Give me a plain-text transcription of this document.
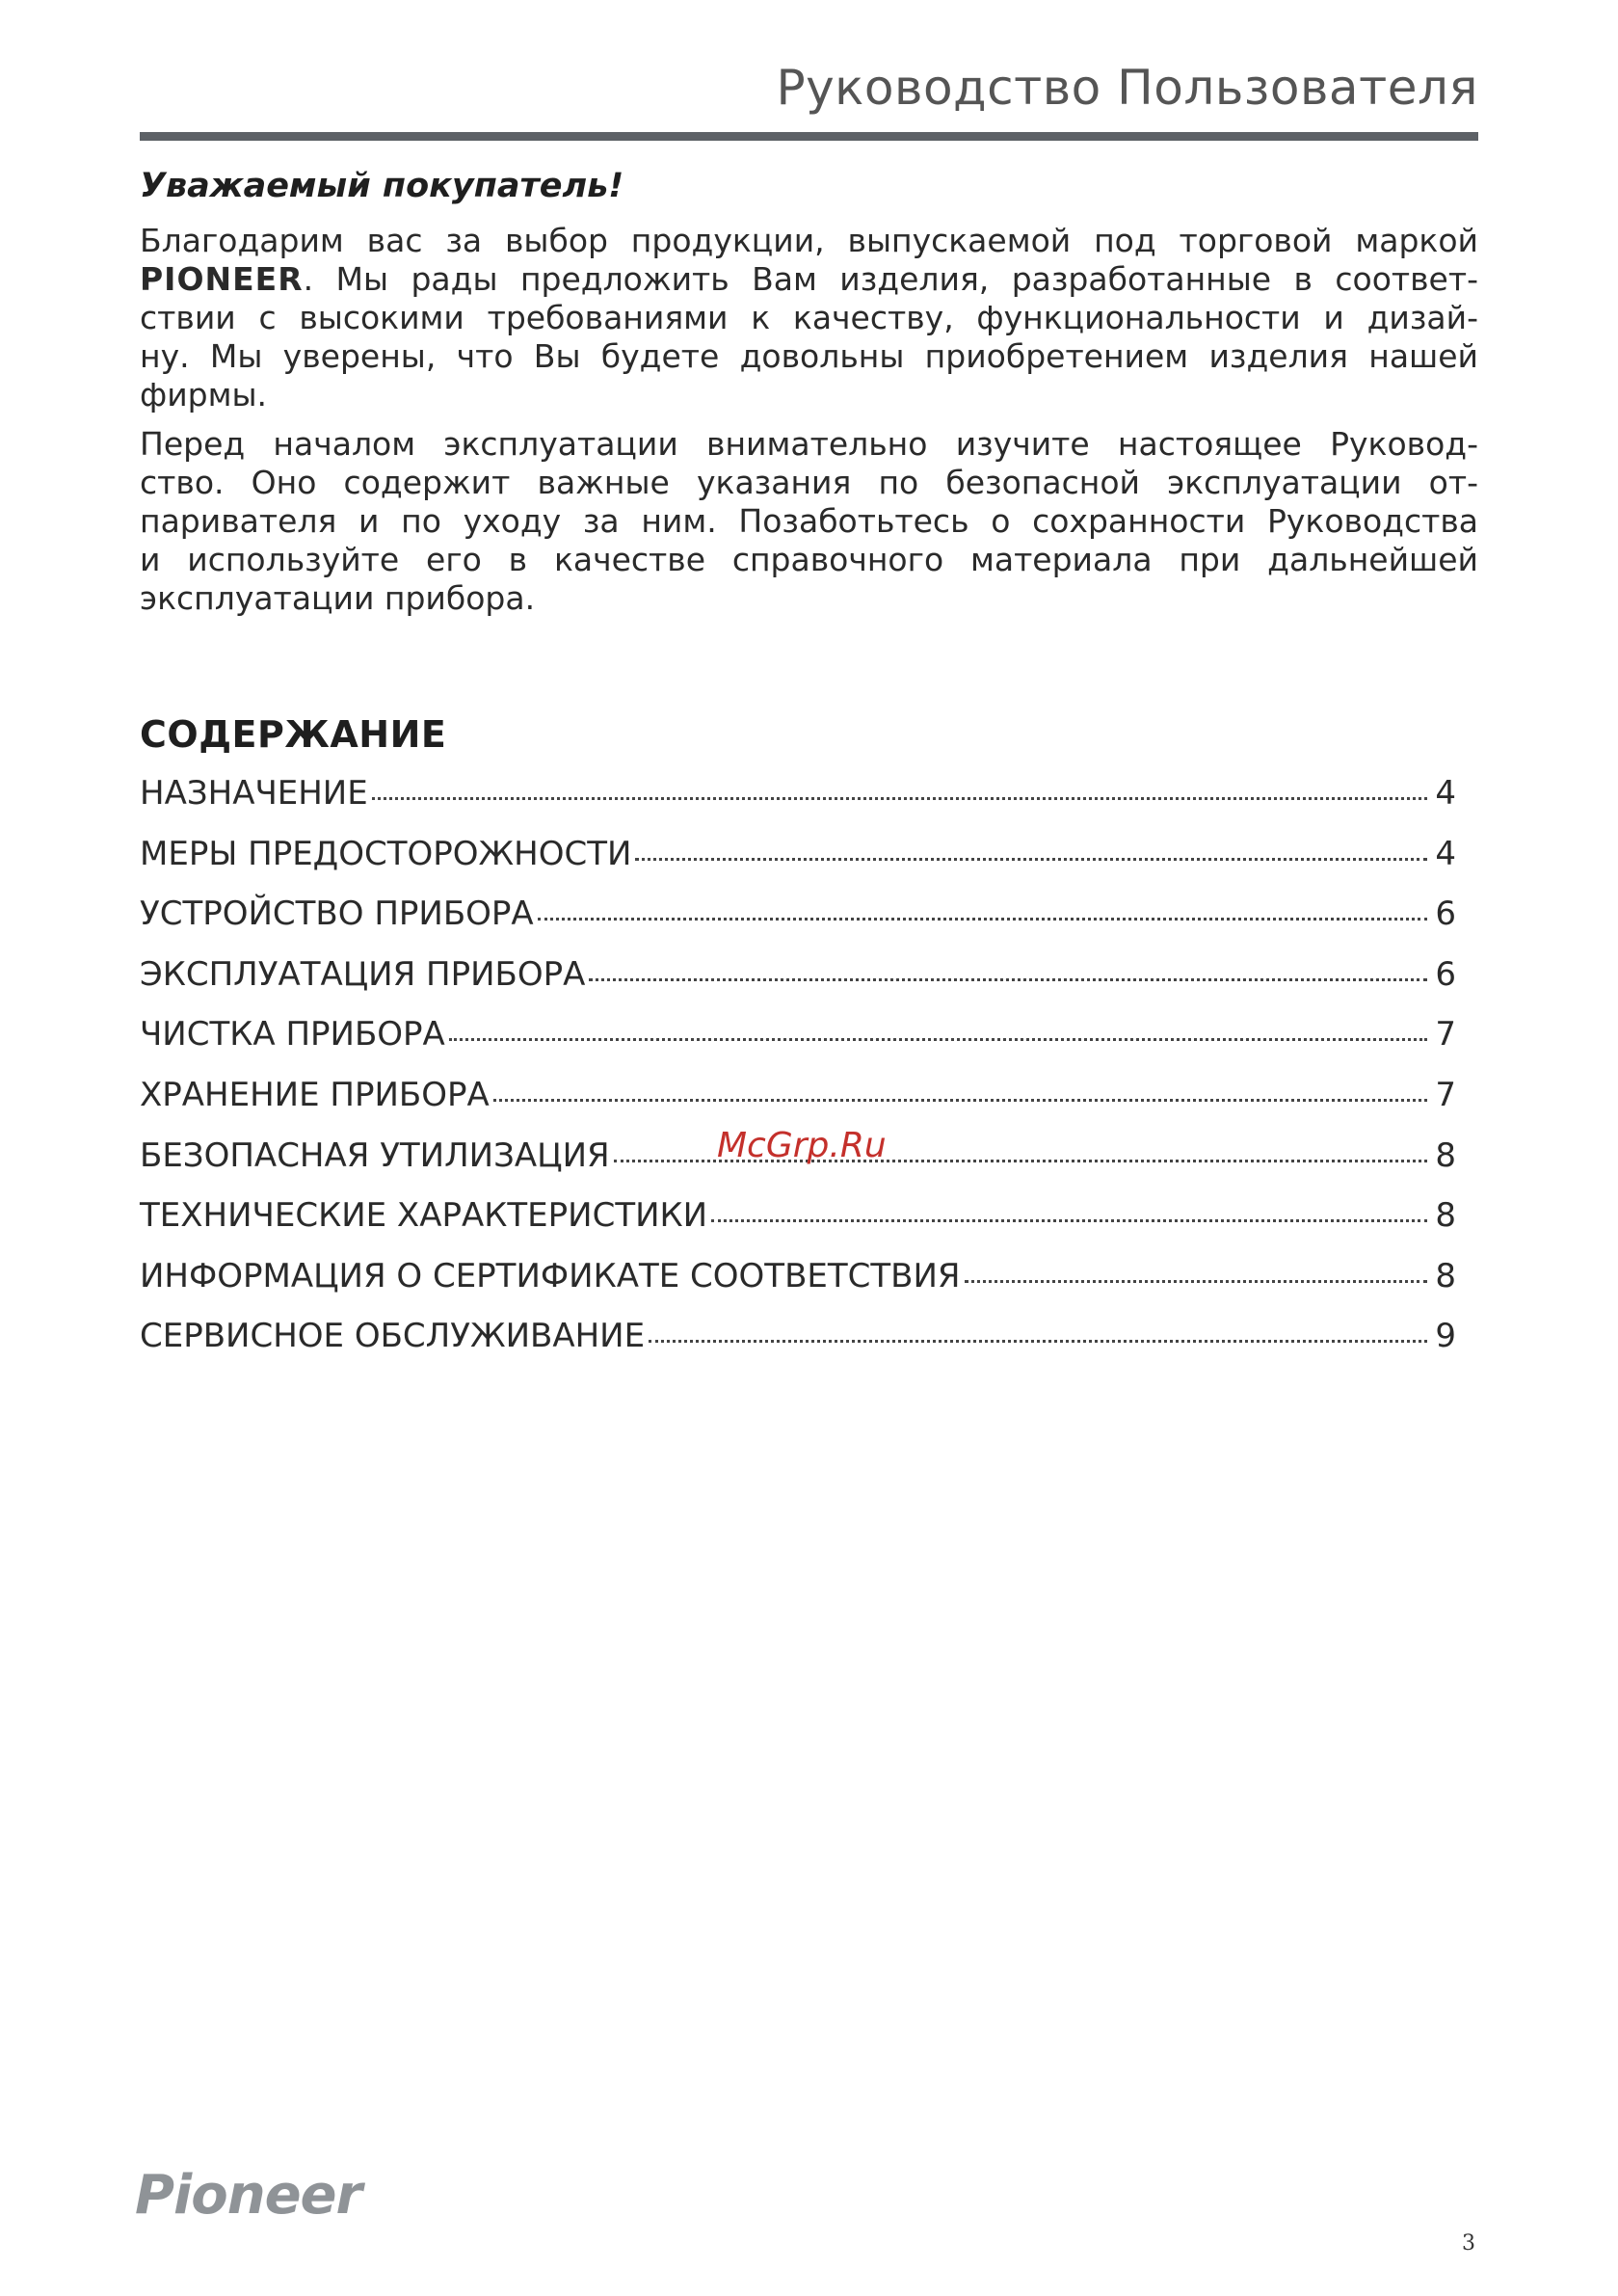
Руководство Пользователя
Уважаемый покупатель!
Благодарим вас за выбор продукции, выпускаемой под торговой маркой
PIONEER. Мы рады предложить Вам изделия, разработанные в соответ-
ствии с высокими требованиями к качеству, функциональности и дизай-
ну. Мы уверены, что Вы будете довольны приобретением изделия нашей
фирмы.
Перед началом эксплуатации внимательно изучите настоящее Руковод-
ство. Оно содержит важные указания по безопасной эксплуатации от-
паривателя и по уходу за ним. Позаботьтесь о сохранности Руководства
и используйте его в качестве справочного материала при дальнейшей
эксплуатации прибора.
СОДЕРЖАНИЕ
НАЗНАЧЕНИЕ	4
МЕРЫ ПРЕДОСТОРОЖНОСТИ	4
УСТРОЙСТВО ПРИБОРА	6
ЭКСПЛУАТАЦИЯ ПРИБОРА	6
ЧИСТКА ПРИБОРА	7
ХРАНЕНИЕ ПРИБОРА	7
БЕЗОПАСНАЯ УТИЛИЗАЦИЯ	8
ТЕХНИЧЕСКИЕ ХАРАКТЕРИСТИКИ	8
ИНФОРМАЦИЯ О СЕРТИФИКАТЕ СООТВЕТСТВИЯ	8
СЕРВИСНОЕ ОБСЛУЖИВАНИЕ	9
McGrp.Ru
Pioneer
3
